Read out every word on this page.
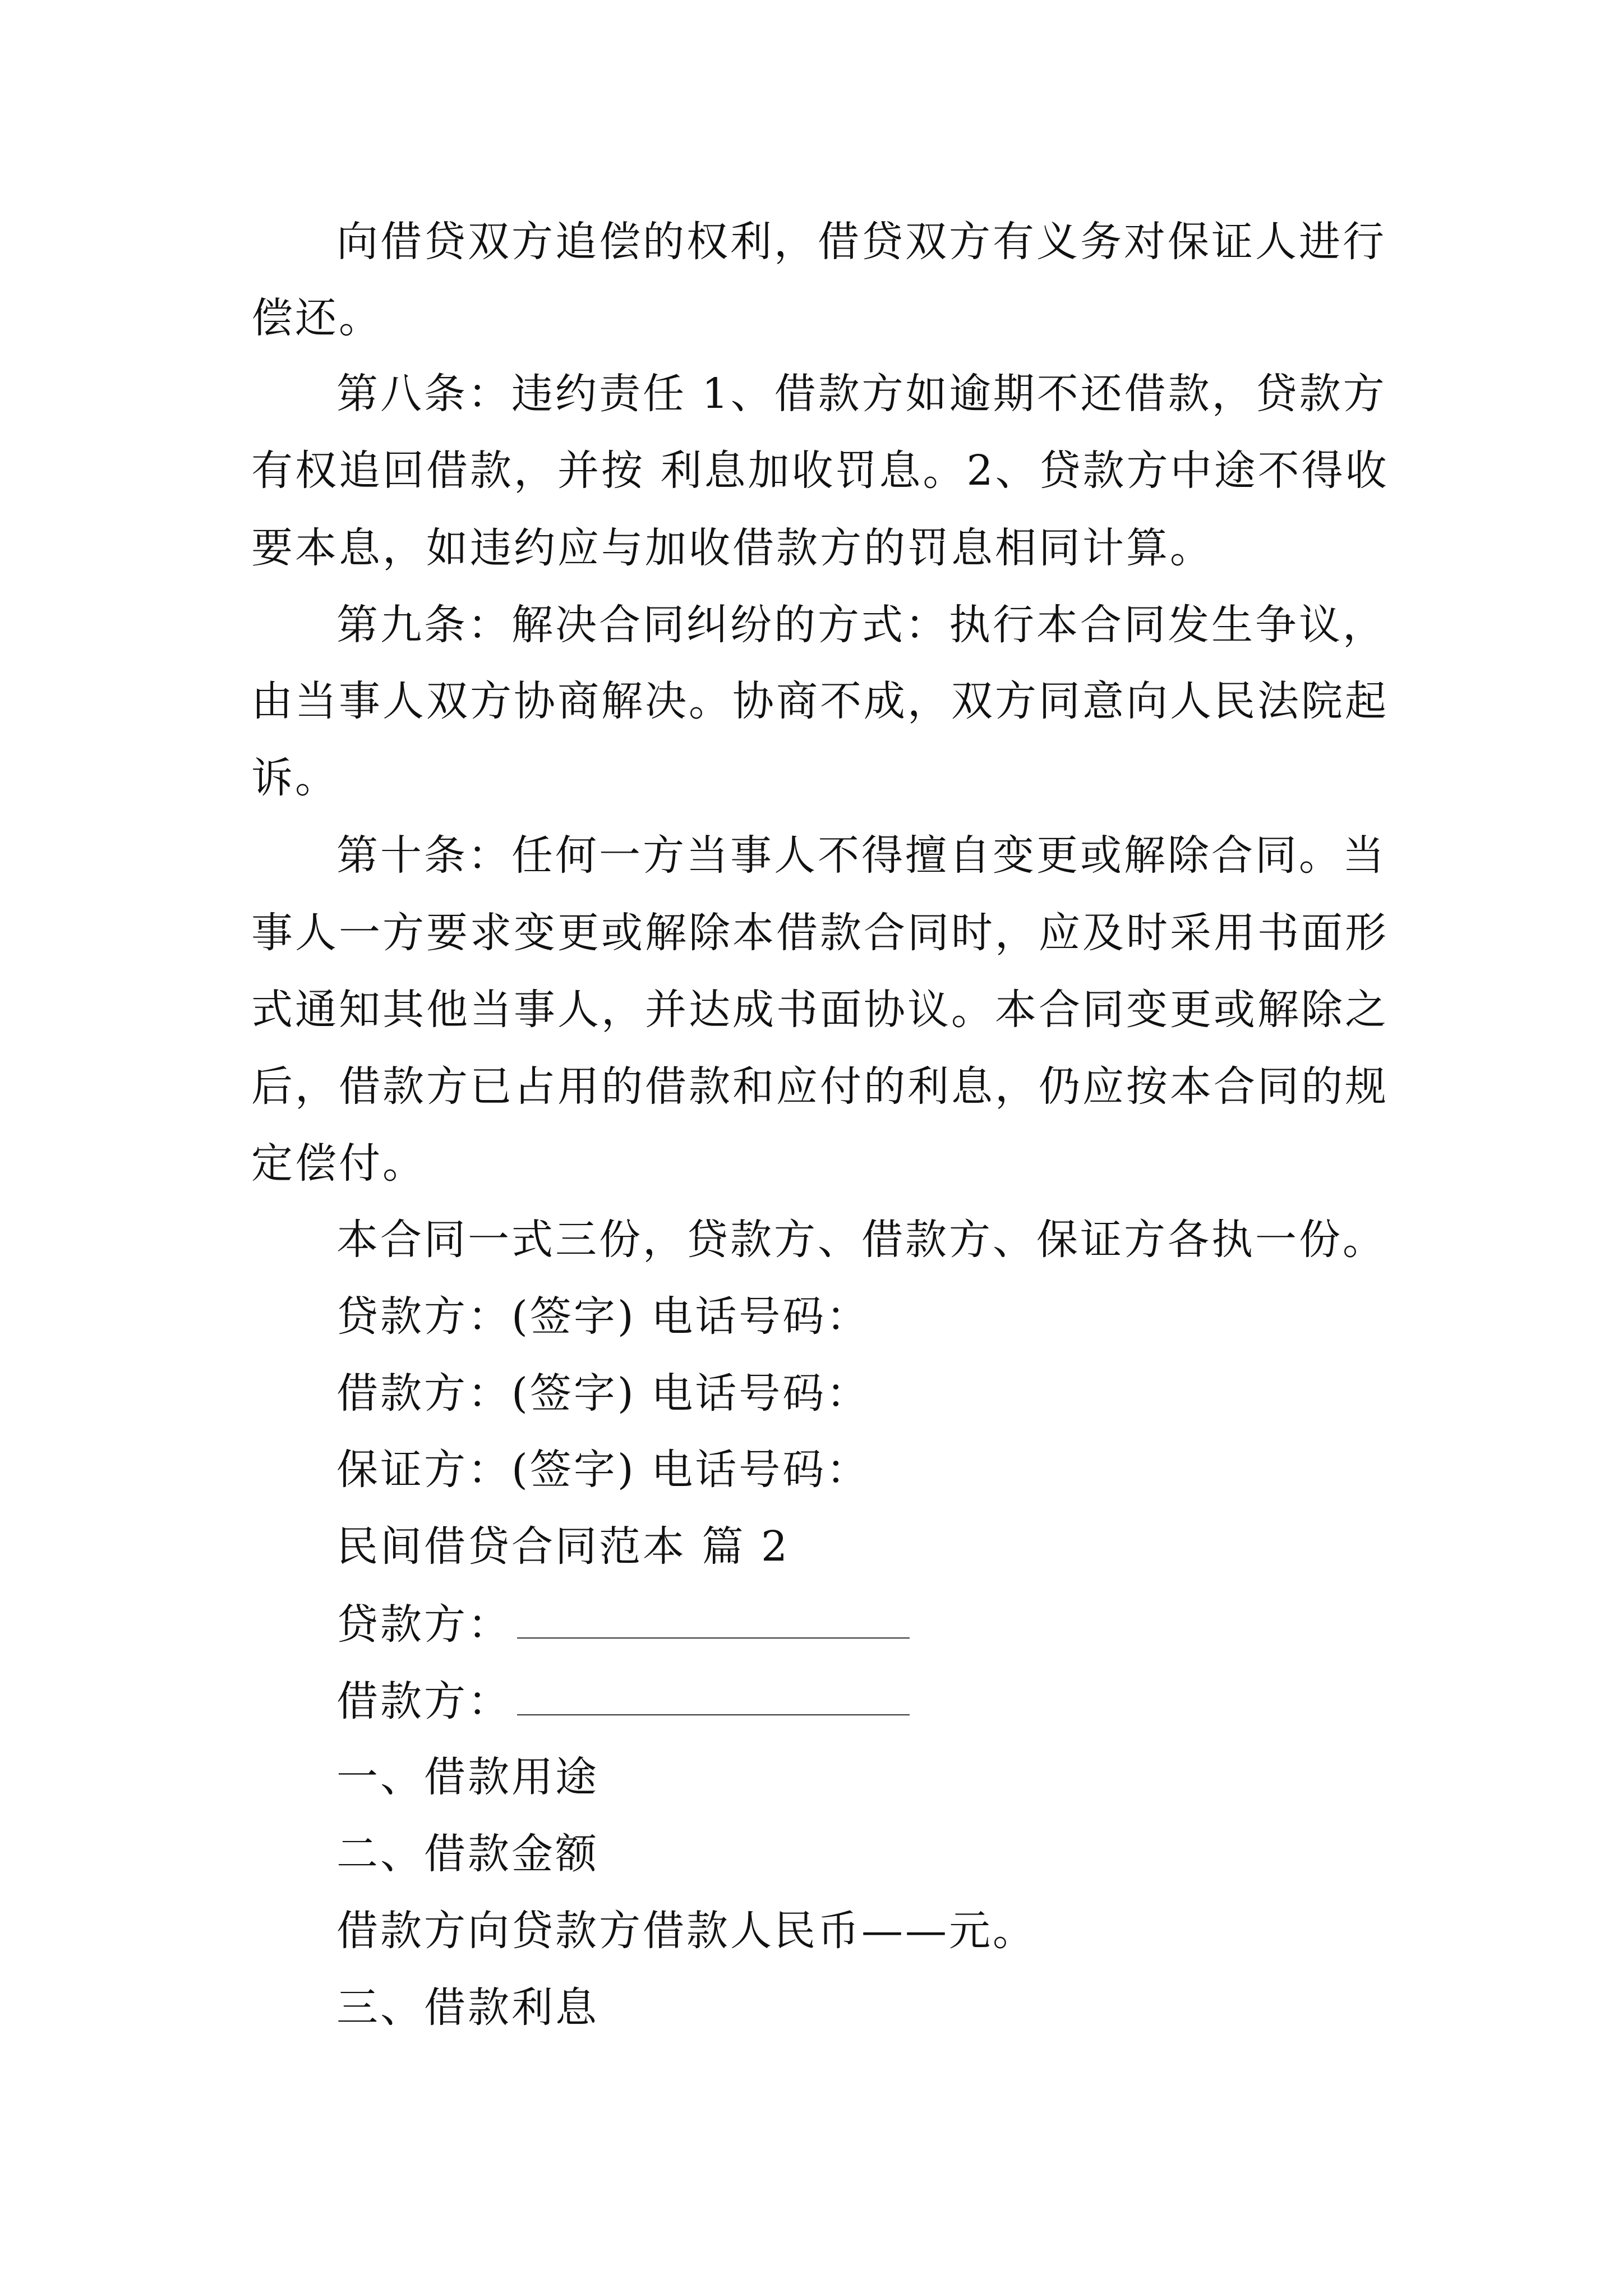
向借贷双方追偿的权利，借贷双方有义务对保证人进行
偿还。
第八条：违约责任 1、借款方如逾期不还借款，贷款方
有权追回借款，并按 利息加收罚息。2、贷款方中途不得收
要本息，如违约应与加收借款方的罚息相同计算。
第九条：解决合同纠纷的方式：执行本合同发生争议，
由当事人双方协商解决。协商不成，双方同意向人民法院起
诉。
第十条：任何一方当事人不得擅自变更或解除合同。当
事人一方要求变更或解除本借款合同时，应及时采用书面形
式通知其他当事人，并达成书面协议。本合同变更或解除之
后，借款方已占用的借款和应付的利息，仍应按本合同的规
定偿付。
本合同一式三份，贷款方、借款方、保证方各执一份。
贷款方：(签字) 电话号码：
借款方：(签字) 电话号码：
保证方：(签字) 电话号码：
民间借贷合同范本 篇 2
贷款方：
借款方：
一、借款用途
二、借款金额
借款方向贷款方借款人民币——元。
三、借款利息
